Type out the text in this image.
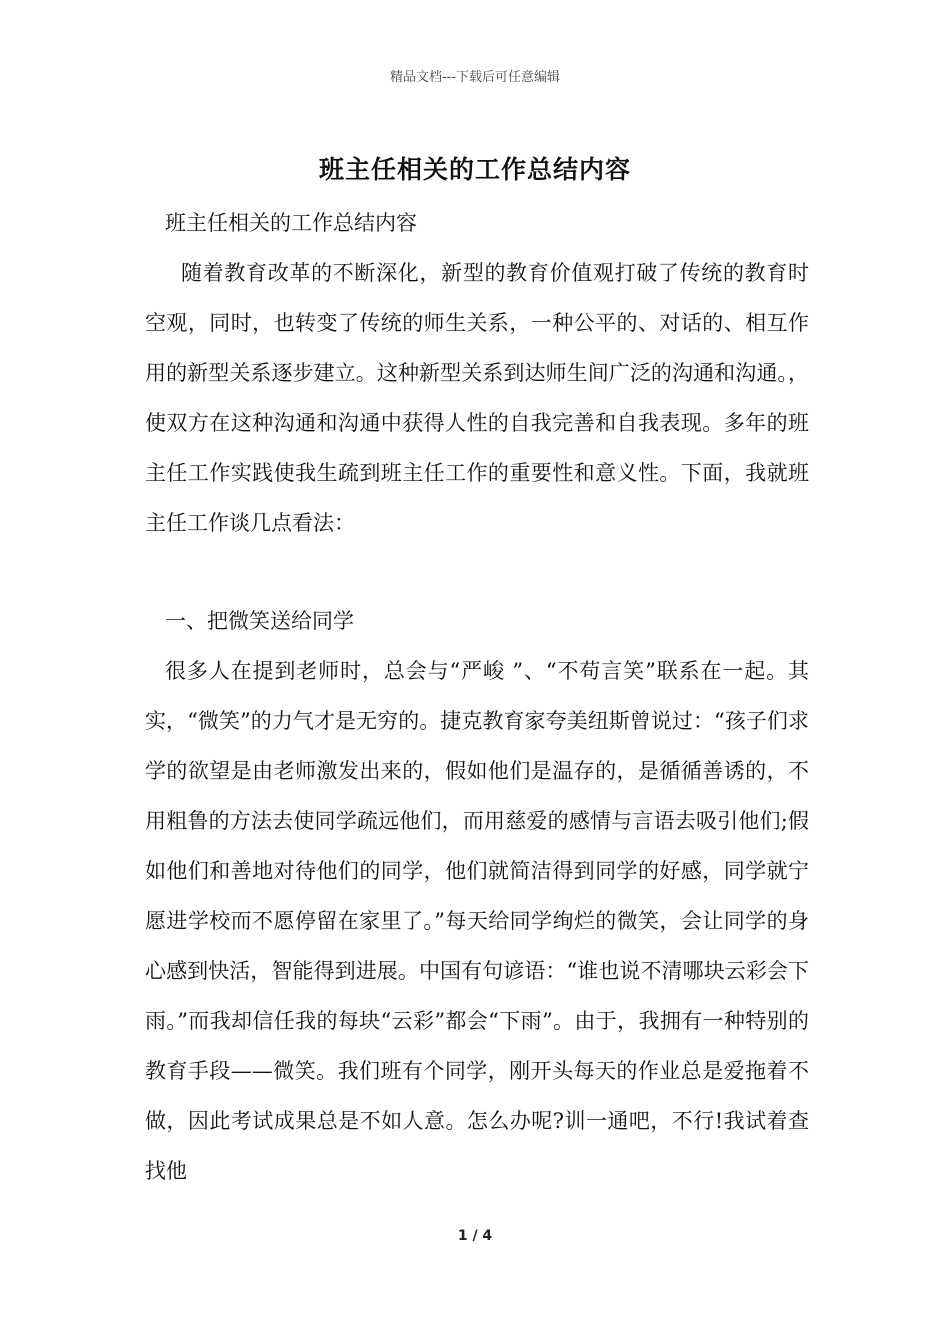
精品文档---下载后可任意编辑
班主任相关的工作总结内容
班主任相关的工作总结内容
随着教育改革的不断深化，新型的教育价值观打破了传统的教育时空观，同时，也转变了传统的师生关系，一种公平的、对话的、相互作用的新型关系逐步建立。这种新型关系到达师生间广泛的沟通和沟通。，使双方在这种沟通和沟通中获得人性的自我完善和自我表现。多年的班主任工作实践使我生疏到班主任工作的重要性和意义性。下面，我就班主任工作谈几点看法：
一、把微笑送给同学
很多人在提到老师时，总会与“严峻 ”、“不苟言笑”联系在一起。其实，“微笑”的力气才是无穷的。捷克教育家夸美纽斯曾说过：“孩子们求学的欲望是由老师激发出来的，假如他们是温存的，是循循善诱的，不用粗鲁的方法去使同学疏远他们，而用慈爱的感情与言语去吸引他们;假如他们和善地对待他们的同学，他们就简洁得到同学的好感，同学就宁愿进学校而不愿停留在家里了。”每天给同学绚烂的微笑，会让同学的身心感到快活，智能得到进展。中国有句谚语：“谁也说不清哪块云彩会下雨。”而我却信任我的每块“云彩”都会“下雨”。由于，我拥有一种特别的教育手段——微笑。我们班有个同学，刚开头每天的作业总是爱拖着不做，因此考试成果总是不如人意。怎么办呢?训一通吧，不行!我试着查找他
1 / 4
